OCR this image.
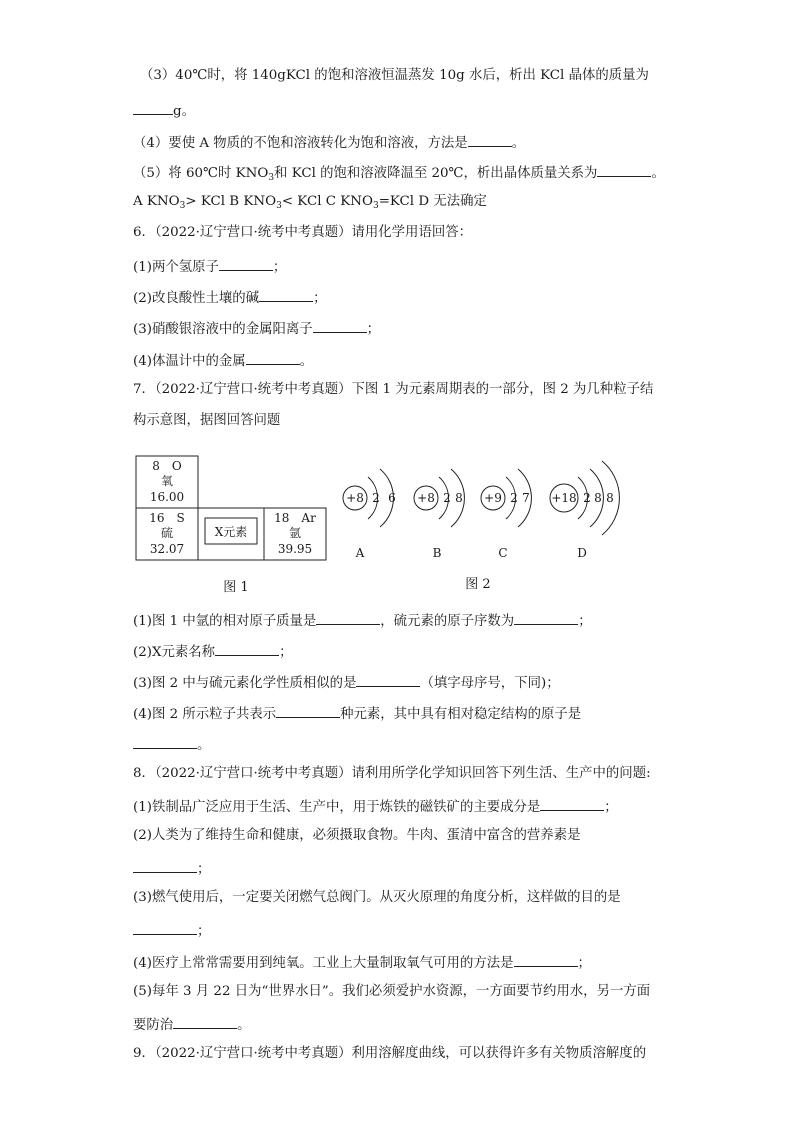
（3）40℃时，将 140gKCl 的饱和溶液恒温蒸发 10g 水后，析出 KCl 晶体的质量为
g。
（4）要使 A 物质的不饱和溶液转化为饱和溶液，方法是	。
（5）将 60℃时 $KNO_3$和 KCl 的饱和溶液降温至 20℃，析出晶体质量关系为	。
A $KNO_3>$ KCl B $KNO_3<$ KCl C $KNO_3=KCl$ D 无法确定
6．（2022·辽宁营口·统考中考真题）请用化学用语回答：
(1)两个氢原子	；
(2)改良酸性土壤的碱	；
(3)硝酸银溶液中的金属阳离子	；
(4)体温计中的金属	。
7．（2022·辽宁营口·统考中考真题）下图 1 为元素周期表的一部分，图 2 为几种粒子结
构示意图，据图回答问题
8　O
氧
16.00
16　S
硫
32.07
X元素
18　Ar
氩
39.95
+8 2 6
A
+8 2 8
B
+9 2 7
C
+18 2 8 8
D
图 1	图 2
(1)图 1 中氩的相对原子质量是	，硫元素的原子序数为	；
(2)X元素名称	；
(3)图 2 中与硫元素化学性质相似的是	（填字母序号，下同)；
(4)图 2 所示粒子共表示	种元素，其中具有相对稳定结构的原子是
。
8．（2022·辽宁营口·统考中考真题）请利用所学化学知识回答下列生活、生产中的问题:
(1)铁制品广泛应用于生活、生产中，用于炼铁的磁铁矿的主要成分是	；
(2)人类为了维持生命和健康，必须摄取食物。牛肉、蛋清中富含的营养素是
；
(3)燃气使用后，一定要关闭燃气总阀门。从灭火原理的角度分析，这样做的目的是
；
(4)医疗上常常需要用到纯氧。工业上大量制取氧气可用的方法是	；
(5)每年 3 月 22 日为“世界水日”。我们必须爱护水资源，一方面要节约用水，另一方面
要防治	。
9．（2022·辽宁营口·统考中考真题）利用溶解度曲线，可以获得许多有关物质溶解度的
